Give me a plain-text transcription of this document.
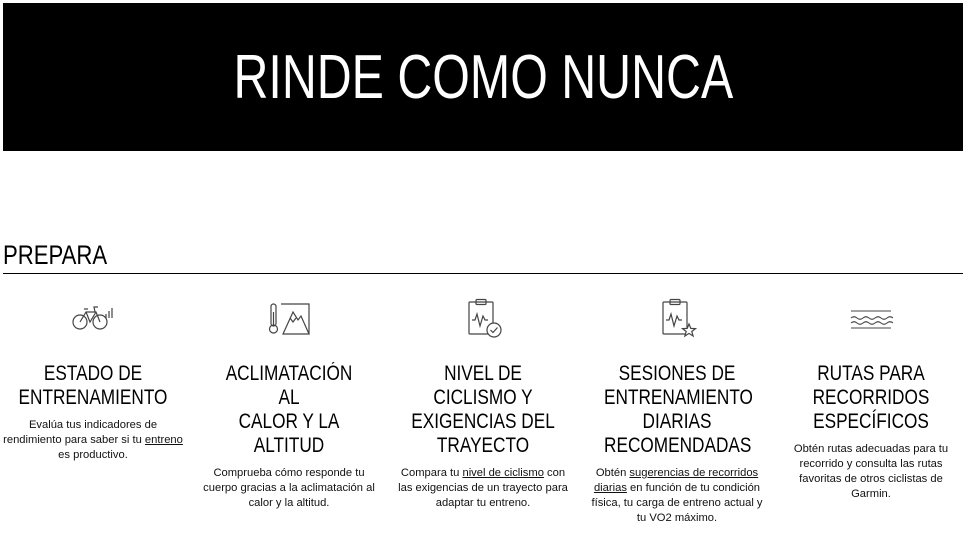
RINDE COMO NUNCA
PREPARA
ESTADO DE
ENTRENAMIENTO
Evalúa tus indicadores de rendimiento para saber si tu entreno es productivo.
ACLIMATACIÓN AL
CALOR Y LA ALTITUD
Comprueba cómo responde tu cuerpo gracias a la aclimatación al calor y la altitud.
NIVEL DE CICLISMO Y
EXIGENCIAS DEL
TRAYECTO
Compara tu nivel de ciclismo con las exigencias de un trayecto para adaptar tu entreno.
SESIONES DE
ENTRENAMIENTO
DIARIAS
RECOMENDADAS
Obtén sugerencias de recorridos diarias en función de tu condición física, tu carga de entreno actual y tu VO2 máximo.
RUTAS PARA
RECORRIDOS
ESPECÍFICOS
Obtén rutas adecuadas para tu recorrido y consulta las rutas favoritas de otros ciclistas de Garmin.
